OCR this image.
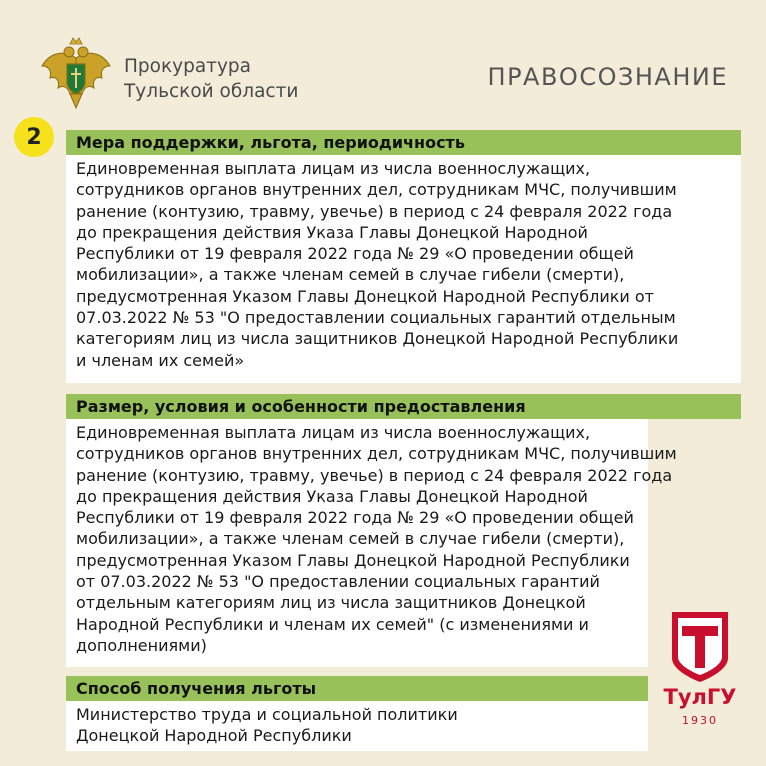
Прокуратура
Тульской области
ПРАВОСОЗНАНИЕ
2	Мера поддержки, льгота, периодичность
Единовременная выплата лицам из числа военнослужащих,
сотрудников органов внутренних дел, сотрудникам МЧС, получившим
ранение (контузию, травму, увечье) в период с 24 февраля 2022 года
до прекращения действия Указа Главы Донецкой Народной
Республики от 19 февраля 2022 года № 29 «О проведении общей
мобилизации», а также членам семей в случае гибели (смерти),
предусмотренная Указом Главы Донецкой Народной Республики от
07.03.2022 № 53 "О предоставлении социальных гарантий отдельным
категориям лиц из числа защитников Донецкой Народной Республики
и членам их семей»
Размер, условия и особенности предоставления
Единовременная выплата лицам из числа военнослужащих,
сотрудников органов внутренних дел, сотрудникам МЧС, получившим
ранение (контузию, травму, увечье) в период с 24 февраля 2022 года
до прекращения действия Указа Главы Донецкой Народной
Республики от 19 февраля 2022 года № 29 «О проведении общей
мобилизации», а также членам семей в случае гибели (смерти),
предусмотренная Указом Главы Донецкой Народной Республики
от 07.03.2022 № 53 "О предоставлении социальных гарантий
отдельным категориям лиц из числа защитников Донецкой
Народной Республики и членам их семей" (с изменениями и
дополнениями)
Способ получения льготы
Министерство труда и социальной политики
Донецкой Народной Республики
ТулГУ
1930
